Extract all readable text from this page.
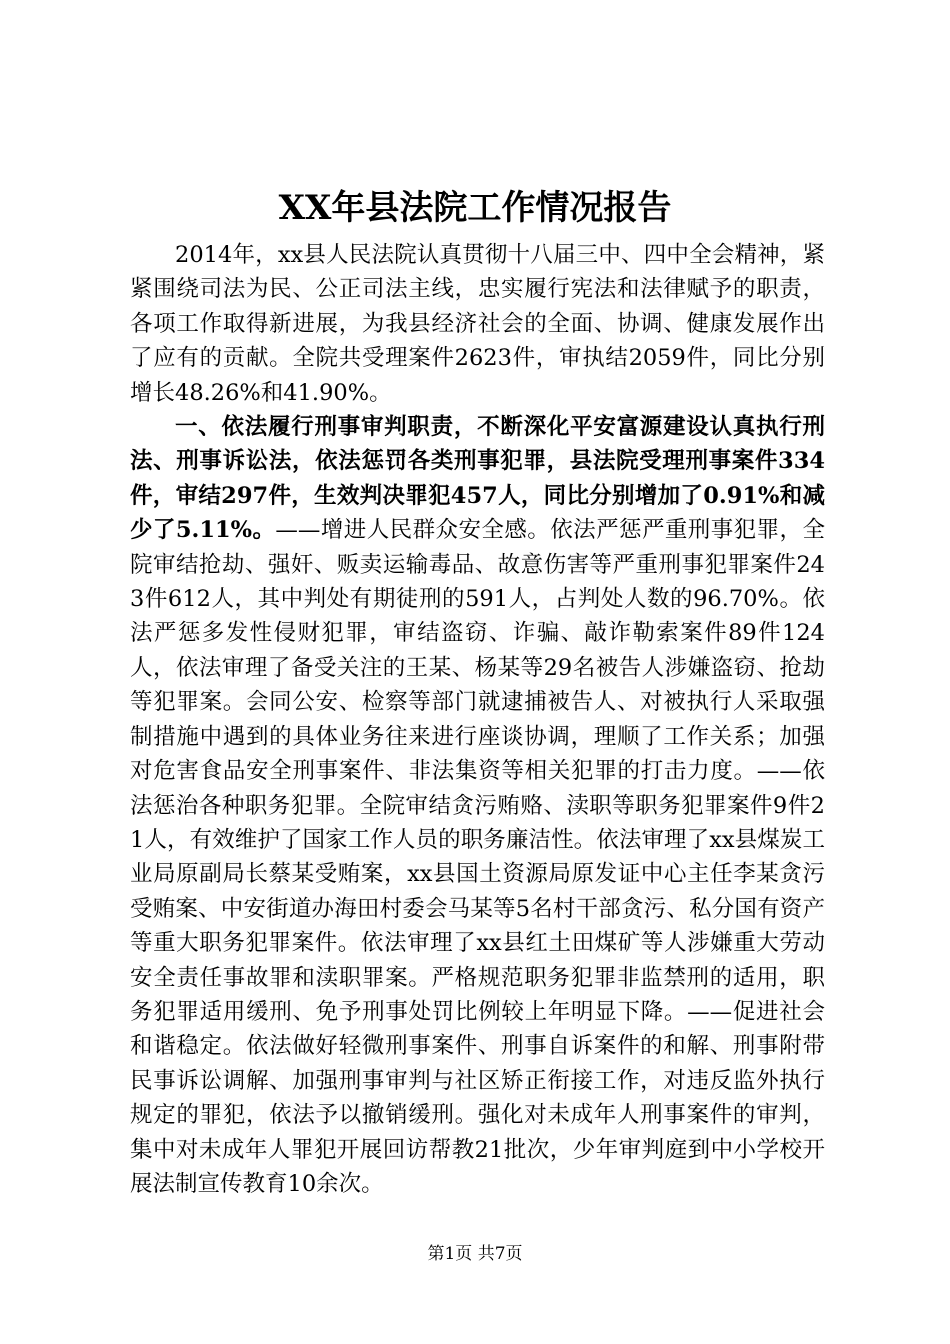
XX年县法院工作情况报告

2014年，xx县人民法院认真贯彻十八届三中、四中全会精神，紧紧围绕司法为民、公正司法主线，忠实履行宪法和法律赋予的职责，各项工作取得新进展，为我县经济社会的全面、协调、健康发展作出了应有的贡献。全院共受理案件2623件，审执结2059件，同比分别增长48.26%和41.90%。

一、依法履行刑事审判职责，不断深化平安富源建设认真执行刑法、刑事诉讼法，依法惩罚各类刑事犯罪，县法院受理刑事案件334件，审结297件，生效判决罪犯457人，同比分别增加了0.91%和减少了5.11%。——增进人民群众安全感。依法严惩严重刑事犯罪，全院审结抢劫、强奸、贩卖运输毒品、故意伤害等严重刑事犯罪案件243件612人，其中判处有期徒刑的591人，占判处人数的96.70%。依法严惩多发性侵财犯罪，审结盗窃、诈骗、敲诈勒索案件89件124人，依法审理了备受关注的王某、杨某等29名被告人涉嫌盗窃、抢劫等犯罪案。会同公安、检察等部门就逮捕被告人、对被执行人采取强制措施中遇到的具体业务往来进行座谈协调，理顺了工作关系；加强对危害食品安全刑事案件、非法集资等相关犯罪的打击力度。——依法惩治各种职务犯罪。全院审结贪污贿赂、渎职等职务犯罪案件9件21人，有效维护了国家工作人员的职务廉洁性。依法审理了xx县煤炭工业局原副局长蔡某受贿案，xx县国土资源局原发证中心主任李某贪污受贿案、中安街道办海田村委会马某等5名村干部贪污、私分国有资产等重大职务犯罪案件。依法审理了xx县红土田煤矿等人涉嫌重大劳动安全责任事故罪和渎职罪案。严格规范职务犯罪非监禁刑的适用，职务犯罪适用缓刑、免予刑事处罚比例较上年明显下降。——促进社会和谐稳定。依法做好轻微刑事案件、刑事自诉案件的和解、刑事附带民事诉讼调解、加强刑事审判与社区矫正衔接工作，对违反监外执行规定的罪犯，依法予以撤销缓刑。强化对未成年人刑事案件的审判，集中对未成年人罪犯开展回访帮教21批次，少年审判庭到中小学校开展法制宣传教育10余次。

第1页 共7页
